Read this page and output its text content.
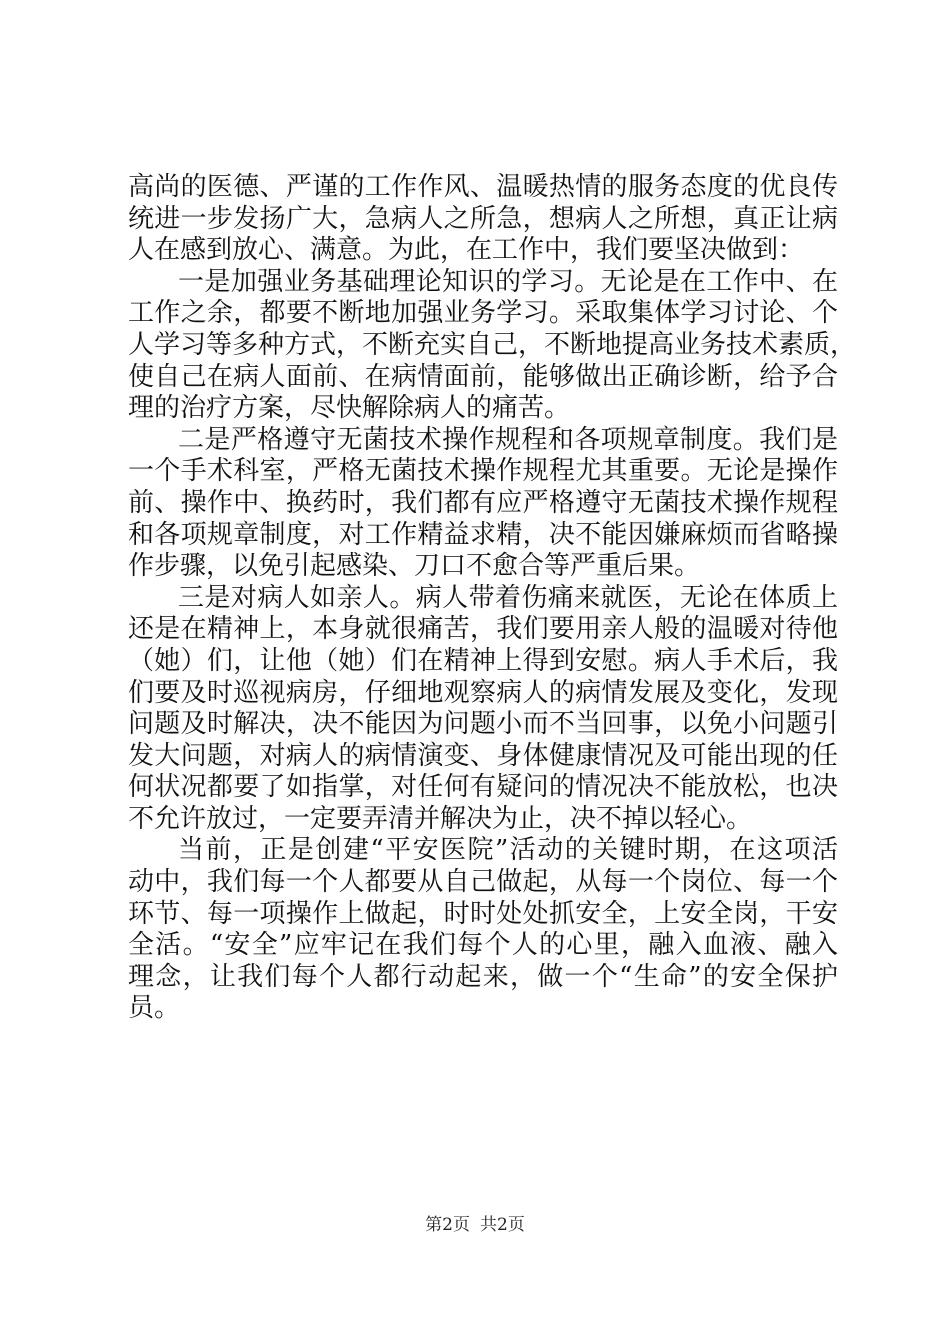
高尚的医德、严谨的工作作风、温暖热情的服务态度的优良传
统进一步发扬广大，急病人之所急，想病人之所想，真正让病
人在感到放心、满意。为此，在工作中，我们要坚决做到：
一是加强业务基础理论知识的学习。无论是在工作中、在
工作之余，都要不断地加强业务学习。采取集体学习讨论、个
人学习等多种方式，不断充实自己，不断地提高业务技术素质，
使自己在病人面前、在病情面前，能够做出正确诊断，给予合
理的治疗方案，尽快解除病人的痛苦。
二是严格遵守无菌技术操作规程和各项规章制度。我们是
一个手术科室，严格无菌技术操作规程尤其重要。无论是操作
前、操作中、换药时，我们都有应严格遵守无菌技术操作规程
和各项规章制度，对工作精益求精，决不能因嫌麻烦而省略操
作步骤，以免引起感染、刀口不愈合等严重后果。
三是对病人如亲人。病人带着伤痛来就医，无论在体质上
还是在精神上，本身就很痛苦，我们要用亲人般的温暖对待他
（她）们，让他（她）们在精神上得到安慰。病人手术后，我
们要及时巡视病房，仔细地观察病人的病情发展及变化，发现
问题及时解决，决不能因为问题小而不当回事，以免小问题引
发大问题，对病人的病情演变、身体健康情况及可能出现的任
何状况都要了如指掌，对任何有疑问的情况决不能放松，也决
不允许放过，一定要弄清并解决为止，决不掉以轻心。
当前，正是创建“平安医院”活动的关键时期，在这项活
动中，我们每一个人都要从自己做起，从每一个岗位、每一个
环节、每一项操作上做起，时时处处抓安全，上安全岗，干安
全活。“安全”应牢记在我们每个人的心里，融入血液、融入
理念，让我们每个人都行动起来，做一个“生命”的安全保护
员。
第2页 共2页
